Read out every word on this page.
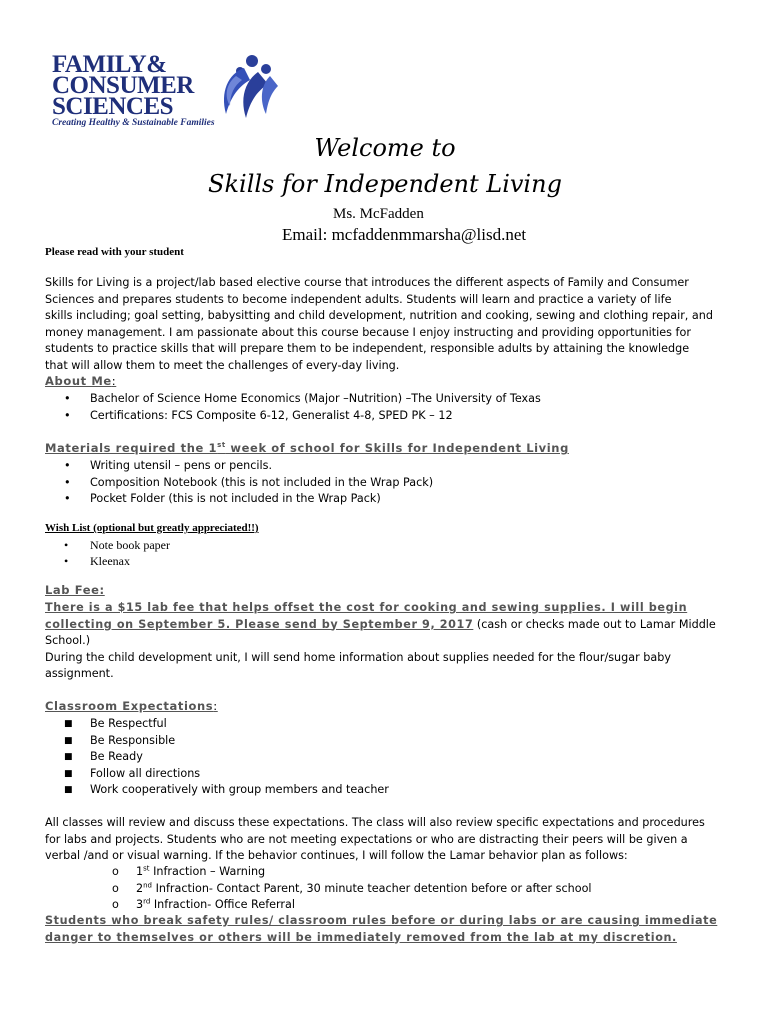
FAMILY&
CONSUMER
SCIENCES
Creating Healthy & Sustainable Families
Welcome to
Skills for Independent Living
Ms. McFadden
Email: mcfaddenmmarsha@lisd.net
Please read with your student
Skills for Living is a project/lab based elective course that introduces the different aspects of Family and Consumer
Sciences and prepares students to become independent adults. Students will learn and practice a variety of life
skills including; goal setting, babysitting and child development, nutrition and cooking, sewing and clothing repair, and
money management. I am passionate about this course because I enjoy instructing and providing opportunities for
students to practice skills that will prepare them to be independent, responsible adults by attaining the knowledge
that will allow them to meet the challenges of every-day living.
About Me:
• Bachelor of Science Home Economics (Major –Nutrition) –The University of Texas
• Certifications: FCS Composite 6-12, Generalist 4-8, SPED PK – 12
Materials required the 1st week of school for Skills for Independent Living
• Writing utensil – pens or pencils.
• Composition Notebook (this is not included in the Wrap Pack)
• Pocket Folder (this is not included in the Wrap Pack)
Wish List (optional but greatly appreciated!!)
• Note book paper
• Kleenax
Lab Fee:
There is a $15 lab fee that helps offset the cost for cooking and sewing supplies. I will begin
collecting on September 5. Please send by September 9, 2017 (cash or checks made out to Lamar Middle
School.)
During the child development unit, I will send home information about supplies needed for the flour/sugar baby
assignment.
Classroom Expectations:
■ Be Respectful
■ Be Responsible
■ Be Ready
■ Follow all directions
■ Work cooperatively with group members and teacher
All classes will review and discuss these expectations. The class will also review specific expectations and procedures
for labs and projects. Students who are not meeting expectations or who are distracting their peers will be given a
verbal /and or visual warning. If the behavior continues, I will follow the Lamar behavior plan as follows:
o 1st Infraction – Warning
o 2nd Infraction- Contact Parent, 30 minute teacher detention before or after school
o 3rd Infraction- Office Referral
Students who break safety rules/ classroom rules before or during labs or are causing immediate
danger to themselves or others will be immediately removed from the lab at my discretion.
